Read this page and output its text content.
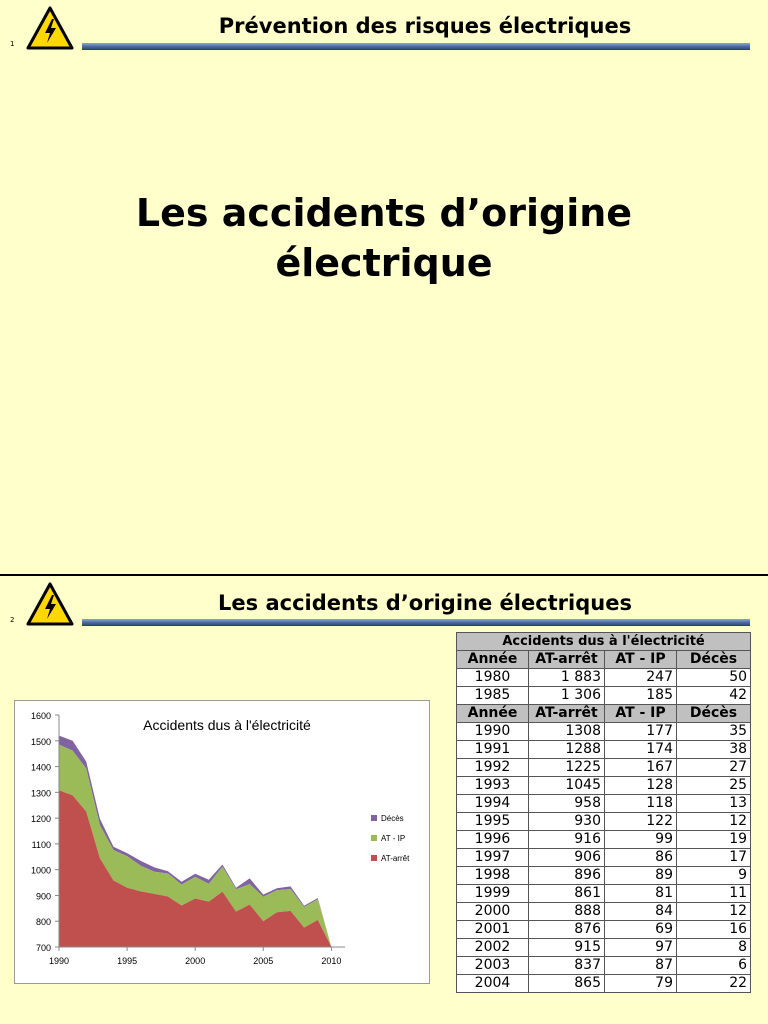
1
Prévention des risques électriques
Les accidents d’origine
électrique
2
Les accidents d’origine électriques
700
800
900
1000
1100
1200
1300
1400
1500
1600
1990	1995	2000	2005	2010
Accidents dus à l'électricité
Décès
AT - IP
AT-arrêt
Accidents dus à l'électricité			
Année	AT-arrêt	AT - IP	Décès
1980	1 883	247	50
1985	1 306	185	42
Année	AT-arrêt	AT - IP	Décès
1990	1308	177	35
1991	1288	174	38
1992	1225	167	27
1993	1045	128	25
1994	958	118	13
1995	930	122	12
1996	916	99	19
1997	906	86	17
1998	896	89	9
1999	861	81	11
2000	888	84	12
2001	876	69	16
2002	915	97	8
2003	837	87	6
2004	865	79	22
